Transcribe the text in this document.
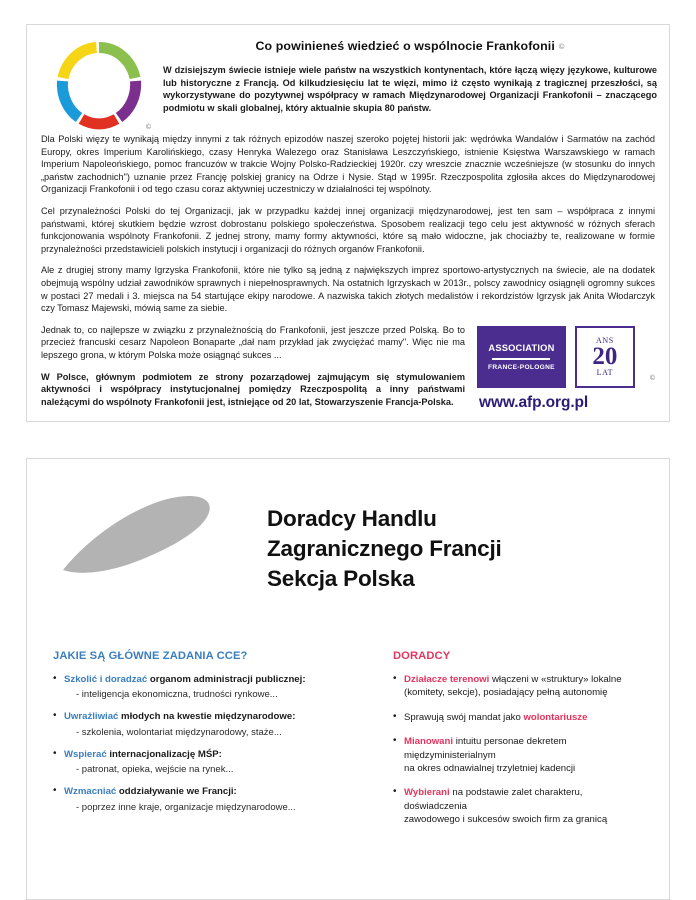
©
Co powinieneś wiedzieć o wspólnocie Frankofonii ©

W dzisiejszym świecie istnieje wiele państw na wszystkich kontynentach, które łączą więzy językowe, kulturowe lub historyczne z Francją. Od kilkudziesięciu lat te więzi, mimo iż często wynikają z tragicznej przeszłości, są wykorzystywane do pozytywnej współpracy w ramach Międzynarodowej Organizacji Frankofonii – znaczącego podmiotu w skali globalnej, który aktualnie skupia 80 państw.

Dla Polski więzy te wynikają między innymi z tak różnych epizodów naszej szeroko pojętej historii jak: wędrówka Wandalów i Sarmatów na zachód Europy, okres Imperium Karolińskiego, czasy Henryka Walezego oraz Stanisława Leszczyńskiego, istnienie Księstwa Warszawskiego w ramach Imperium Napoleońskiego, pomoc francuzów w trakcie Wojny Polsko-Radzieckiej 1920r. czy wreszcie znacznie wcześniejsze (w stosunku do innych „państw zachodnich") uznanie przez Francję polskiej granicy na Odrze i Nysie. Stąd w 1995r. Rzeczpospolita zgłosiła akces do Międzynarodowej Organizacji Frankofonii i od tego czasu coraz aktywniej uczestniczy w działalności tej wspólnoty.

Cel przynależności Polski do tej Organizacji, jak w przypadku każdej innej organizacji międzynarodowej, jest ten sam – współpraca z innymi państwami, której skutkiem będzie wzrost dobrostanu polskiego społeczeństwa. Sposobem realizacji tego celu jest aktywność w różnych sferach funkcjonowania wspólnoty Frankofonii. Z jednej strony, mamy formy aktywności, które są mało widoczne, jak chociażby te, realizowane w formie przynależności przedstawicieli polskich instytucji i organizacji do różnych organów Frankofonii.

Ale z drugiej strony mamy Igrzyska Frankofonii, które nie tylko są jedną z największych imprez sportowo-artystycznych na świecie, ale na dodatek obejmują wspólny udział zawodników sprawnych i niepełnosprawnych. Na ostatnich Igrzyskach w 2013r., polscy zawodnicy osiągnęli ogromny sukces w postaci 27 medali i 3. miejsca na 54 startujące ekipy narodowe. A nazwiska takich złotych medalistów i rekordzistów Igrzysk jak Anita Włodarczyk czy Tomasz Majewski, mówią same za siebie.

ASSOCIATION
FRANCE-POLOGNE
ANS
20
LAT
©
www.afp.org.pl

Jednak to, co najlepsze w związku z przynależnością do Frankofonii, jest jeszcze przed Polską. Bo to przecież francuski cesarz Napoleon Bonaparte „dał nam przykład jak zwyciężać mamy". Więc nie ma lepszego grona, w którym Polska może osiągnąć sukces ...

W Polsce, głównym podmiotem ze strony pozarządowej zajmującym się stymulowaniem aktywności i współpracy instytucjonalnej pomiędzy Rzeczpospolitą a inny państwami należącymi do wspólnoty Frankofonii jest, istniejące od 20 lat, Stowarzyszenie Francja-Polska.

Doradcy Handlu
Zagranicznego Francji
Sekcja Polska
JAKIE SĄ GŁÓWNE ZADANIA CCE?
• Szkolić i doradzać organom administracji publicznej:
- inteligencja ekonomiczna, trudności rynkowe...
• Uwrażliwiać młodych na kwestie międzynarodowe:
- szkolenia, wolontariat międzynarodowy, staże...
• Wspierać internacjonalizację MŚP:
- patronat, opieka, wejście na rynek...
• Wzmacniać oddziaływanie we Francji:
- poprzez inne kraje, organizacje międzynarodowe...
DORADCY
• Działacze terenowi włączeni w «struktury» lokalne
(komitety, sekcje), posiadający pełną autonomię
• Sprawują swój mandat jako wolontariusze
• Mianowani intuitu personae dekretem międzyministerialnym
na okres odnawialnej trzyletniej kadencji
• Wybierani na podstawie zalet charakteru, doświadczenia
zawodowego i sukcesów swoich firm za granicą
